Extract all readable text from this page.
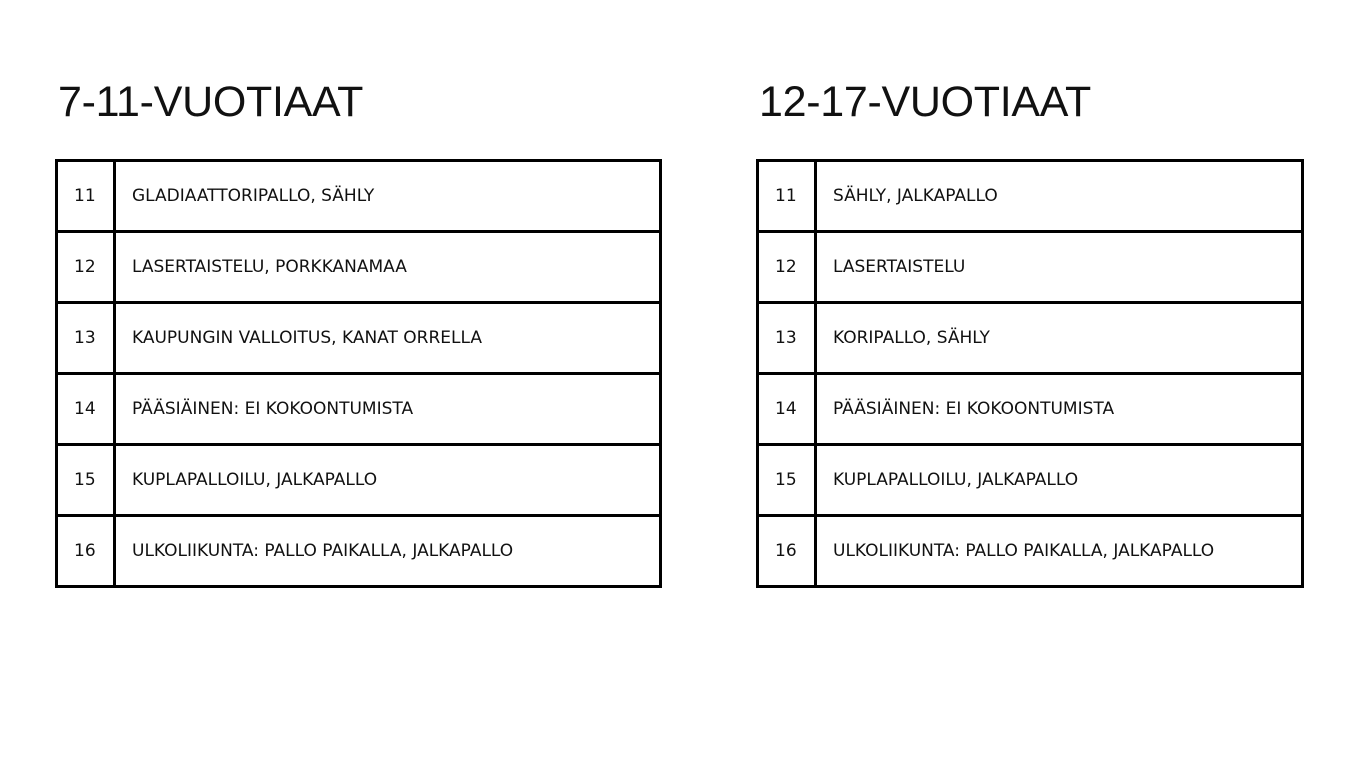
7-11-VUOTIAAT
11	GLADIAATTORIPALLO, SÄHLY
12	LASERTAISTELU, PORKKANAMAA
13	KAUPUNGIN VALLOITUS, KANAT ORRELLA
14	PÄÄSIÄINEN: EI KOKOONTUMISTA
15	KUPLAPALLOILU, JALKAPALLO
16	ULKOLIIKUNTA: PALLO PAIKALLA, JALKAPALLO
12-17-VUOTIAAT
11	SÄHLY, JALKAPALLO
12	LASERTAISTELU
13	KORIPALLO, SÄHLY
14	PÄÄSIÄINEN: EI KOKOONTUMISTA
15	KUPLAPALLOILU, JALKAPALLO
16	ULKOLIIKUNTA: PALLO PAIKALLA, JALKAPALLO
